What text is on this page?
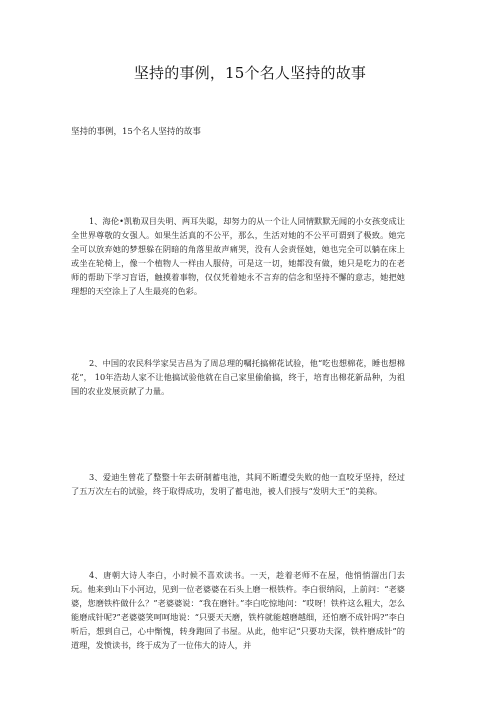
坚持的事例，15个名人坚持的故事
坚持的事例，15个名人坚持的故事

1、海伦•凯勒双目失明、两耳失聪，却努力的从一个让人同情默默无闻的小女孩变成让全世界尊敬的女强人。如果生活真的不公平，那么，生活对她的不公平可谓到了极致。她完全可以放弃她的梦想躲在阴暗的角落里故声痛哭，没有人会责怪她，她也完全可以躺在床上或坐在轮椅上，像一个植物人一样由人服侍，可是这一切，她都没有做，她只是吃力的在老师的帮助下学习盲语，触摸着事物，仅仅凭着她永不言弃的信念和坚持不懈的意志，她把她理想的天空涂上了人生最亮的色彩。

2、中国的农民科学家吴吉昌为了周总理的嘱托搞棉花试验，他“吃也想棉花，睡也想棉花”， 10年浩劫人家不让他搞试验他就在自己家里偷偷搞，终于，培育出棉花新品种，为祖国的农业发展贡献了力量。

3、爱迪生曾花了整整十年去研制蓄电池，其间不断遭受失败的他一直咬牙坚持，经过了五万次左右的试验，终于取得成功，发明了蓄电池，被人们授与“发明大王”的美称。

4、唐朝大诗人李白，小时候不喜欢读书。一天，趁着老师不在屋，他悄悄溜出门去玩。他来到山下小河边，见到一位老婆婆在石头上磨一根铁杵。李白很纳闷，上前问：“老婆婆，您磨铁杵做什么？”老婆婆说：“我在磨针。”李白吃惊地问：“哎呀！铁杵这么粗大，怎么能磨成针呢?”老婆婆笑呵呵地说：“只要天天磨，铁杵就能越磨越细，还怕磨不成针吗?”李白听后，想到自己，心中惭愧，转身跑回了书屋。从此，他牢记“只要功夫深，铁杵磨成针”的道理，发愤读书，终于成为了一位伟大的诗人，并
